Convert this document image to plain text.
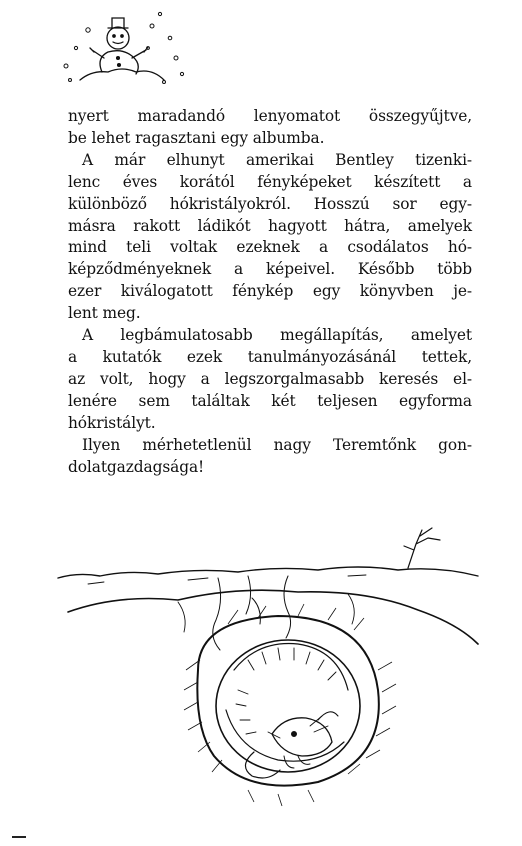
nyert maradandó lenyomatot összegyűjtve,
be lehet ragasztani egy albumba.
A már elhunyt amerikai Bentley tizenki-
lenc éves korától fényképeket készített a
különböző hókristályokról. Hosszú sor egy-
másra rakott ládikót hagyott hátra, amelyek
mind teli voltak ezeknek a csodálatos hó-
képződményeknek a képeivel. Később több
ezer kiválogatott fénykép egy könyvben je-
lent meg.
A legbámulatosabb megállapítás, amelyet
a kutatók ezek tanulmányozásánál tettek,
az volt, hogy a legszorgalmasabb keresés el-
lenére sem találtak két teljesen egyforma
hókristályt.
Ilyen mérhetetlenül nagy Teremtőnk gon-
dolatgazdagsága!
